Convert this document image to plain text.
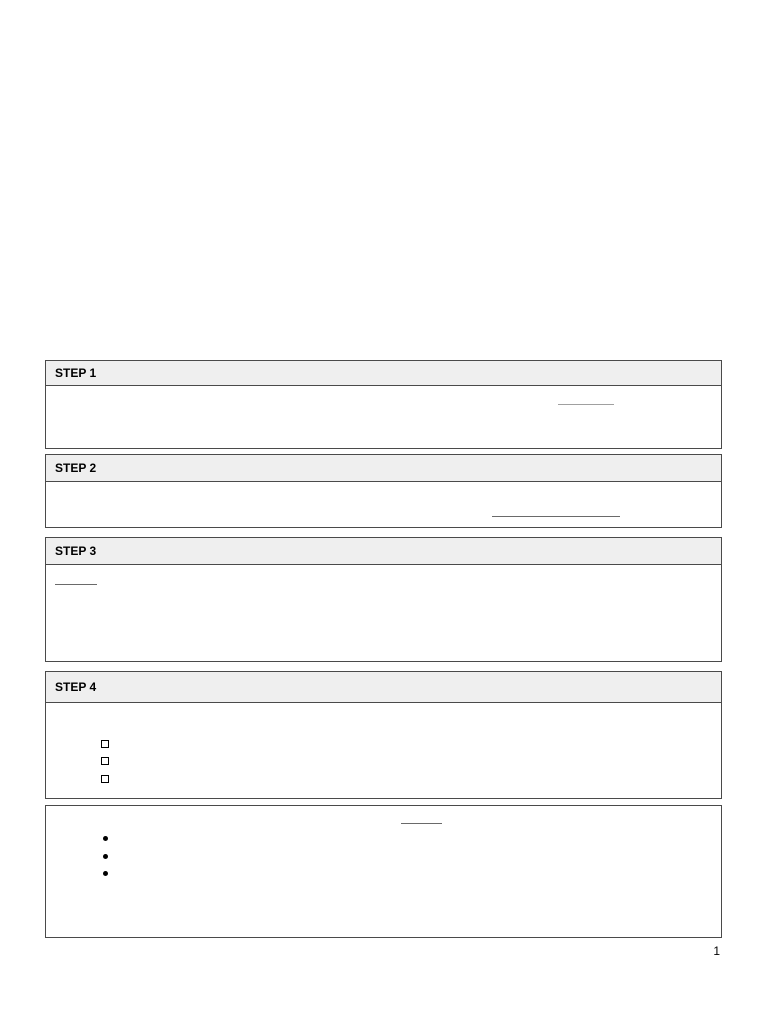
STEP 1
STEP 2
STEP 3
STEP 4
1
